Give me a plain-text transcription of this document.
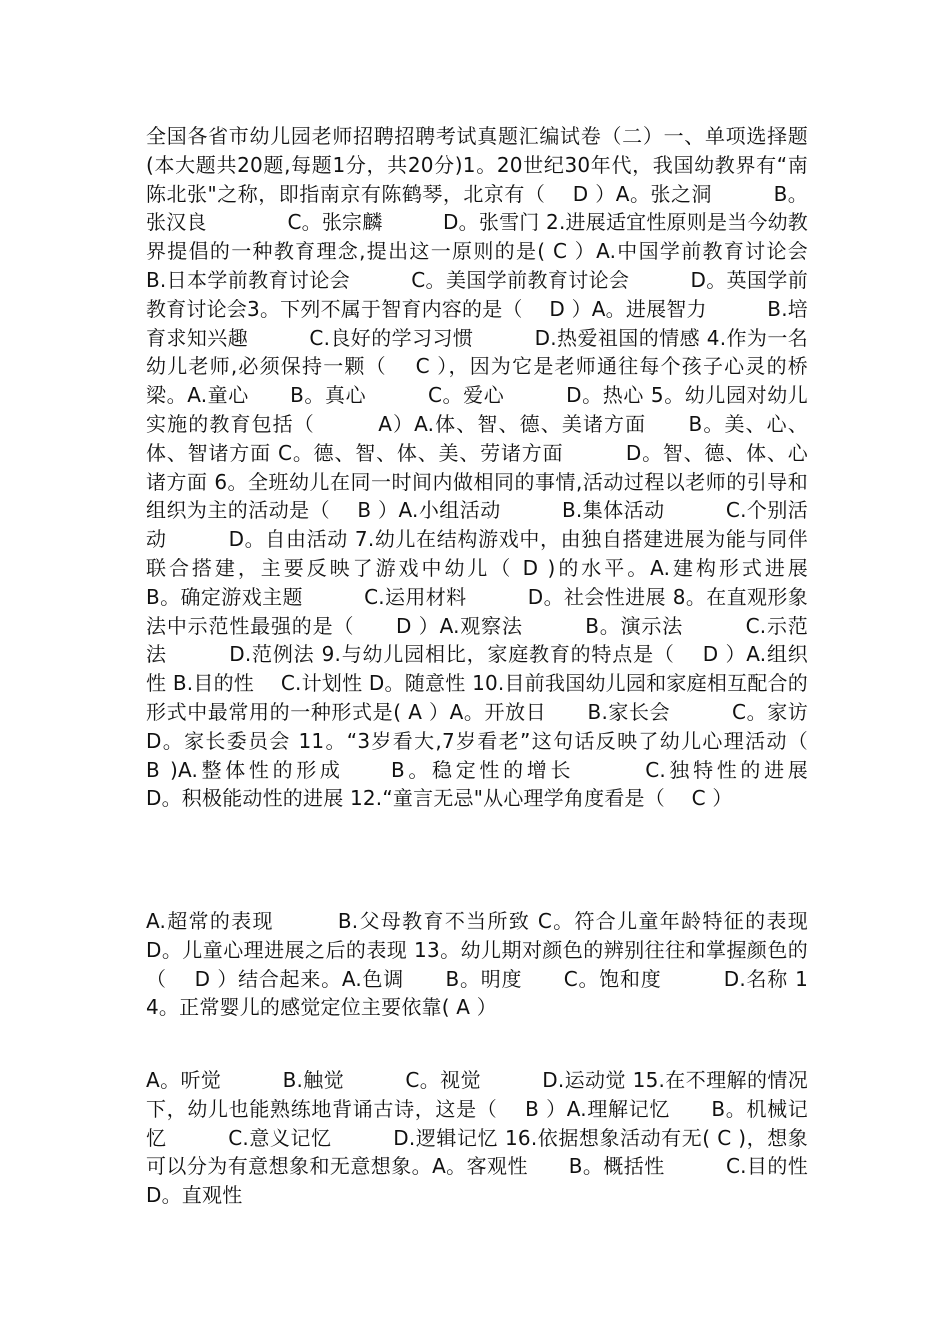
全国各省市幼儿园老师招聘招聘考试真题汇编试卷（二）一、单项选择题(本大题共20题,每题1分，共20分)1。20世纪30年代，我国幼教界有“南陈北张"之称，即指南京有陈鹤琴，北京有（　 D ）A。张之洞　　　B。张汉良　　　　C。张宗麟　　　D。张雪门 2.进展适宜性原则是当今幼教界提倡的一种教育理念,提出这一原则的是( C ）A.中国学前教育讨论会　　　B.日本学前教育讨论会　　　C。美国学前教育讨论会　　　D。英国学前教育讨论会3。下列不属于智育内容的是（　 D ）A。进展智力　　　B.培育求知兴趣　　　C.良好的学习习惯　　　D.热爱祖国的情感 4.作为一名幼儿老师,必须保持一颗（　 C ），因为它是老师通往每个孩子心灵的桥梁。A.童心　　B。真心　　　C。爱心　　　D。热心 5。幼儿园对幼儿实施的教育包括（　　　A）A.体、智、德、美诸方面　　B。美、心、体、智诸方面 C。德、智、体、美、劳诸方面　　　D。智、德、体、心诸方面 6。全班幼儿在同一时间内做相同的事情,活动过程以老师的引导和组织为主的活动是（　 B ）A.小组活动　　　B.集体活动　　　C.个别活动　　　D。自由活动 7.幼儿在结构游戏中，由独自搭建进展为能与同伴联合搭建，主要反映了游戏中幼儿（ D )的水平。A.建构形式进展　　　B。确定游戏主题　　　C.运用材料　　　D。社会性进展 8。在直观形象法中示范性最强的是（　　D ）A.观察法　　　B。演示法　　　C.示范法　　　D.范例法 9.与幼儿园相比，家庭教育的特点是（　 D ）A.组织性 B.目的性　 C.计划性 D。随意性 10.目前我国幼儿园和家庭相互配合的形式中最常用的一种形式是( A ）A。开放日　　B.家长会　　　C。家访　　　D。家长委员会 11。“3岁看大,7岁看老”这句话反映了幼儿心理活动（　 B )A.整体性的形成　　B。稳定性的增长　　　C.独特性的进展　　　D。积极能动性的进展 12.“童言无忌"从心理学角度看是（　 C ）

A.超常的表现　　　B.父母教育不当所致 C。符合儿童年龄特征的表现　　D。儿童心理进展之后的表现 13。幼儿期对颜色的辨别往往和掌握颜色的（　 D ）结合起来。A.色调　　B。明度　　C。饱和度　　　D.名称 14。正常婴儿的感觉定位主要依靠( A ）

A。听觉　　　B.触觉　　　C。视觉　　　D.运动觉 15.在不理解的情况下，幼儿也能熟练地背诵古诗，这是（　 B ）A.理解记忆　　B。机械记忆　　　C.意义记忆　　　D.逻辑记忆 16.依据想象活动有无( C )，想象可以分为有意想象和无意想象。A。客观性　　B。概括性　　　C.目的性　　　D。直观性
